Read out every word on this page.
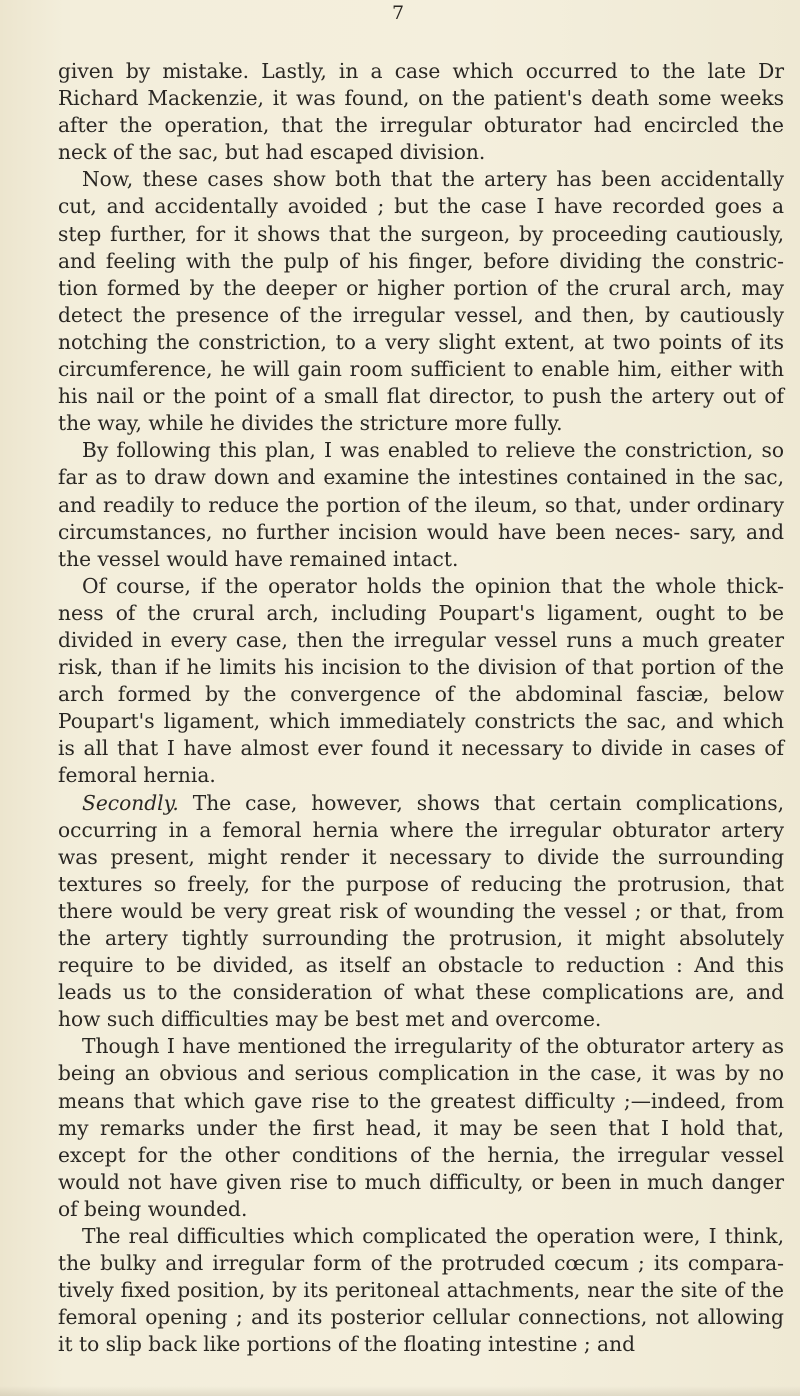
7

given by mistake. Lastly, in a case which occurred to the late Dr Richard Mackenzie, it was found, on the patient's death some weeks after the operation, that the irregular obturator had encircled the neck of the sac, but had escaped division.

Now, these cases show both that the artery has been accidentally cut, and accidentally avoided ; but the case I have recorded goes a step further, for it shows that the surgeon, by proceeding cautiously, and feeling with the pulp of his finger, before dividing the constric- tion formed by the deeper or higher portion of the crural arch, may detect the presence of the irregular vessel, and then, by cautiously notching the constriction, to a very slight extent, at two points of its circumference, he will gain room sufficient to enable him, either with his nail or the point of a small flat director, to push the artery out of the way, while he divides the stricture more fully.

By following this plan, I was enabled to relieve the constriction, so far as to draw down and examine the intestines contained in the sac, and readily to reduce the portion of the ileum, so that, under ordinary circumstances, no further incision would have been neces- sary, and the vessel would have remained intact.

Of course, if the operator holds the opinion that the whole thick- ness of the crural arch, including Poupart's ligament, ought to be divided in every case, then the irregular vessel runs a much greater risk, than if he limits his incision to the division of that portion of the arch formed by the convergence of the abdominal fasciæ, below Poupart's ligament, which immediately constricts the sac, and which is all that I have almost ever found it necessary to divide in cases of femoral hernia.

Secondly. The case, however, shows that certain complications, occurring in a femoral hernia where the irregular obturator artery was present, might render it necessary to divide the surrounding textures so freely, for the purpose of reducing the protrusion, that there would be very great risk of wounding the vessel ; or that, from the artery tightly surrounding the protrusion, it might absolutely require to be divided, as itself an obstacle to reduction : And this leads us to the consideration of what these complications are, and how such difficulties may be best met and overcome.

Though I have mentioned the irregularity of the obturator artery as being an obvious and serious complication in the case, it was by no means that which gave rise to the greatest difficulty ;—indeed, from my remarks under the first head, it may be seen that I hold that, except for the other conditions of the hernia, the irregular vessel would not have given rise to much difficulty, or been in much danger of being wounded.

The real difficulties which complicated the operation were, I think, the bulky and irregular form of the protruded cœcum ; its compara- tively fixed position, by its peritoneal attachments, near the site of the femoral opening ; and its posterior cellular connections, not allowing it to slip back like portions of the floating intestine ; and
